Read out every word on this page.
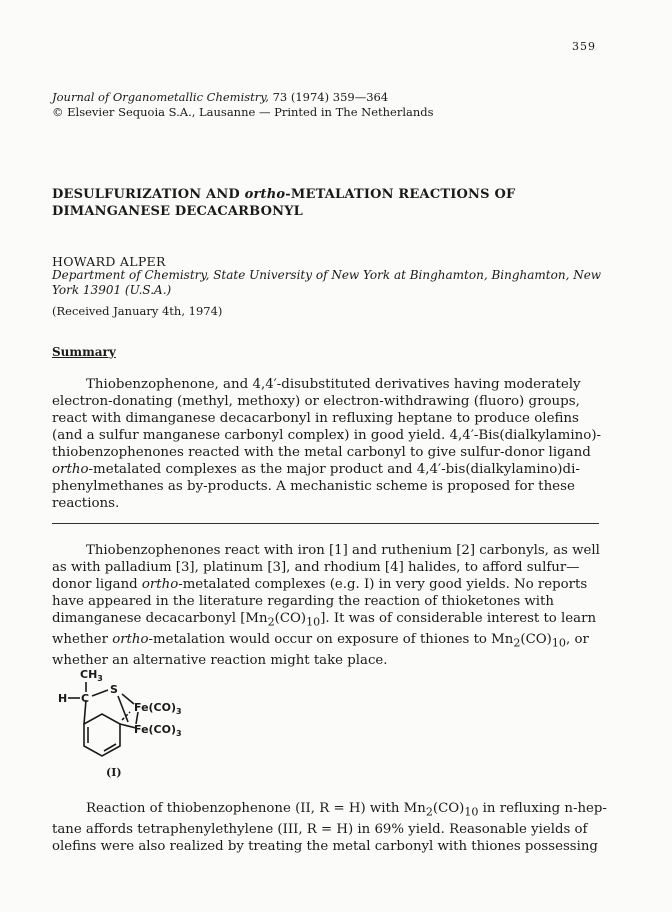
359
Journal of Organometallic Chemistry, 73 (1974) 359—364
© Elsevier Sequoia S.A., Lausanne — Printed in The Netherlands
DESULFURIZATION AND ortho-METALATION REACTIONS OF DIMANGANESE DECACARBONYL
HOWARD ALPER
Department of Chemistry, State University of New York at Binghamton, Binghamton, New York 13901 (U.S.A.)
(Received January 4th, 1974)
Summary
Thiobenzophenone, and 4,4′-disubstituted derivatives having moderately electron-donating (methyl, methoxy) or electron-withdrawing (fluoro) groups, react with dimanganese decacarbonyl in refluxing heptane to produce olefins (and a sulfur manganese carbonyl complex) in good yield. 4,4′-Bis(dialkylamino)-thiobenzophenones reacted with the metal carbonyl to give sulfur-donor ligand ortho-metalated complexes as the major product and 4,4′-bis(dialkylamino)di-phenylmethanes as by-products. A mechanistic scheme is proposed for these reactions.
Thiobenzophenones react with iron [1] and ruthenium [2] carbonyls, as well as with palladium [3], platinum [3], and rhodium [4] halides, to afford sulfur—donor ligand ortho-metalated complexes (e.g. I) in very good yields. No reports have appeared in the literature regarding the reaction of thioketones with dimanganese decacarbonyl $[Mn_2(CO)_{10}]$. It was of considerable interest to learn whether ortho-metalation would occur on exposure of thiones to $Mn_2(CO)_{10}$, or whether an alternative reaction might take place.
$CH_3$
H C
S
$Fe(CO)_3$
$Fe(CO)_3$
(I)
Reaction of thiobenzophenone (II, R = H) with $Mn_2(CO)_{10}$ in refluxing n-hep-tane affords tetraphenylethylene (III, R = H) in 69% yield. Reasonable yields of olefins were also realized by treating the metal carbonyl with thiones possessing
